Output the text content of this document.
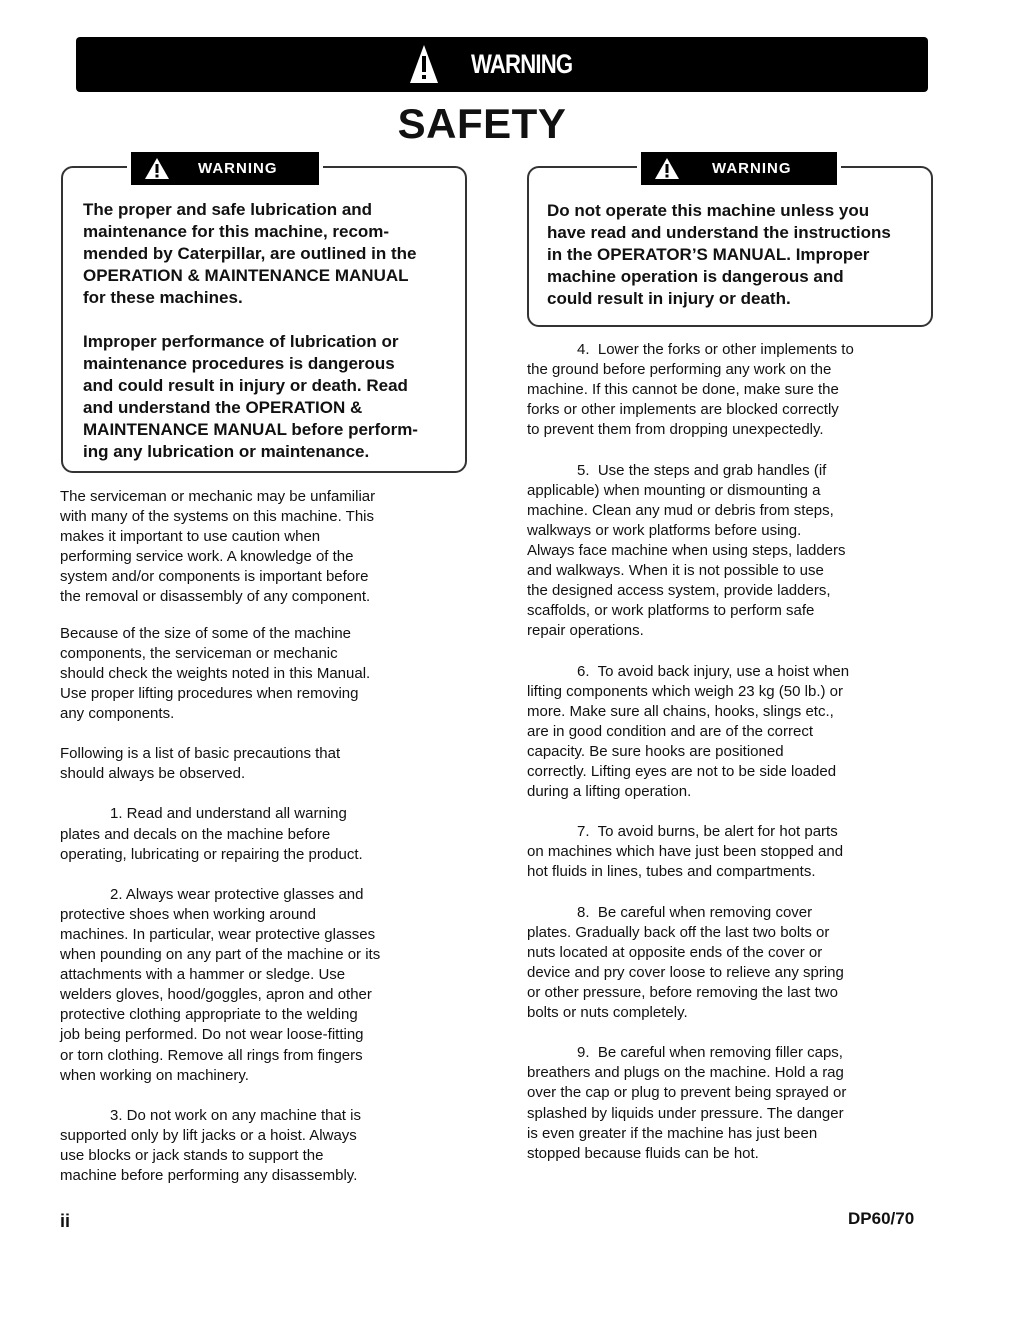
WARNING
SAFETY
WARNING

The proper and safe lubrication and

maintenance for this machine, recom-

mended by Caterpillar, are outlined in the

OPERATION & MAINTENANCE MANUAL

for these machines.

Improper performance of lubrication or

maintenance procedures is dangerous

and could result in injury or death. Read

and understand the OPERATION &

MAINTENANCE MANUAL before perform-

ing any lubrication or maintenance.

WARNING

Do not operate this machine unless you

have read and understand the instructions

in the OPERATOR’S MANUAL. Improper

machine operation is dangerous and

could result in injury or death.

The serviceman or mechanic may be unfamiliar
with many of the systems on this machine. This
makes it important to use caution when
performing service work. A knowledge of the
system and/or components is important before
the removal or disassembly of any component.
Because of the size of some of the machine
components, the serviceman or mechanic
should check the weights noted in this Manual.
Use proper lifting procedures when removing
any components.
Following is a list of basic precautions that
should always be observed.
1. Read and understand all warning
plates and decals on the machine before
operating, lubricating or repairing the product.
2. Always wear protective glasses and
protective shoes when working around
machines. In particular, wear protective glasses
when pounding on any part of the machine or its
attachments with a hammer or sledge. Use
welders gloves, hood/goggles, apron and other
protective clothing appropriate to the welding
job being performed. Do not wear loose-fitting
or torn clothing. Remove all rings from fingers
when working on machinery.
3. Do not work on any machine that is
supported only by lift jacks or a hoist. Always
use blocks or jack stands to support the
machine before performing any disassembly.
4.  Lower the forks or other implements to
the ground before performing any work on the
machine. If this cannot be done, make sure the
forks or other implements are blocked correctly
to prevent them from dropping unexpectedly.
5.  Use the steps and grab handles (if
applicable) when mounting or dismounting a
machine. Clean any mud or debris from steps,
walkways or work platforms before using.
Always face machine when using steps, ladders
and walkways. When it is not possible to use
the designed access system, provide ladders,
scaffolds, or work platforms to perform safe
repair operations.
6.  To avoid back injury, use a hoist when
lifting components which weigh 23 kg (50 lb.) or
more. Make sure all chains, hooks, slings etc.,
are in good condition and are of the correct
capacity. Be sure hooks are positioned
correctly. Lifting eyes are not to be side loaded
during a lifting operation.
7.  To avoid burns, be alert for hot parts
on machines which have just been stopped and
hot fluids in lines, tubes and compartments.
8.  Be careful when removing cover
plates. Gradually back off the last two bolts or
nuts located at opposite ends of the cover or
device and pry cover loose to relieve any spring
or other pressure, before removing the last two
bolts or nuts completely.
9.  Be careful when removing filler caps,
breathers and plugs on the machine. Hold a rag
over the cap or plug to prevent being sprayed or
splashed by liquids under pressure. The danger
is even greater if the machine has just been
stopped because fluids can be hot.
ii	DP60/70
